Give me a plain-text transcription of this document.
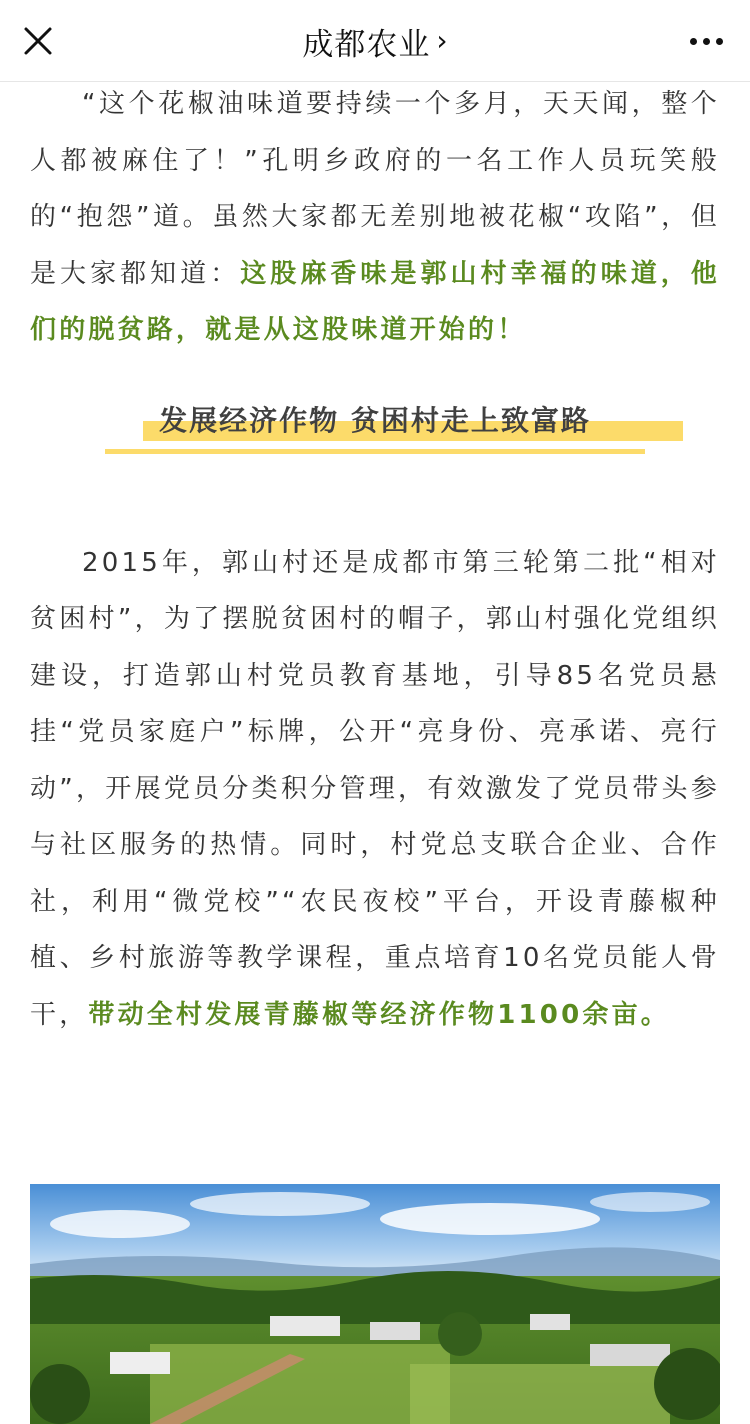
成都农业 ›

“这个花椒油味道要持续一个多月，天天闻，整个人都被麻住了！”孔明乡政府的一名工作人员玩笑般的“抱怨”道。虽然大家都无差别地被花椒“攻陷”，但是大家都知道：这股麻香味是郭山村幸福的味道，他们的脱贫路，就是从这股味道开始的！

发展经济作物 贫困村走上致富路

2015年，郭山村还是成都市第三轮第二批“相对贫困村”，为了摆脱贫困村的帽子，郭山村强化党组织建设，打造郭山村党员教育基地，引导85名党员悬挂“党员家庭户”标牌，公开“亮身份、亮承诺、亮行动”，开展党员分类积分管理，有效激发了党员带头参与社区服务的热情。同时，村党总支联合企业、合作社，利用“微党校”“农民夜校”平台，开设青藤椒种植、乡村旅游等教学课程，重点培育10名党员能人骨干，带动全村发展青藤椒等经济作物1100余亩。
